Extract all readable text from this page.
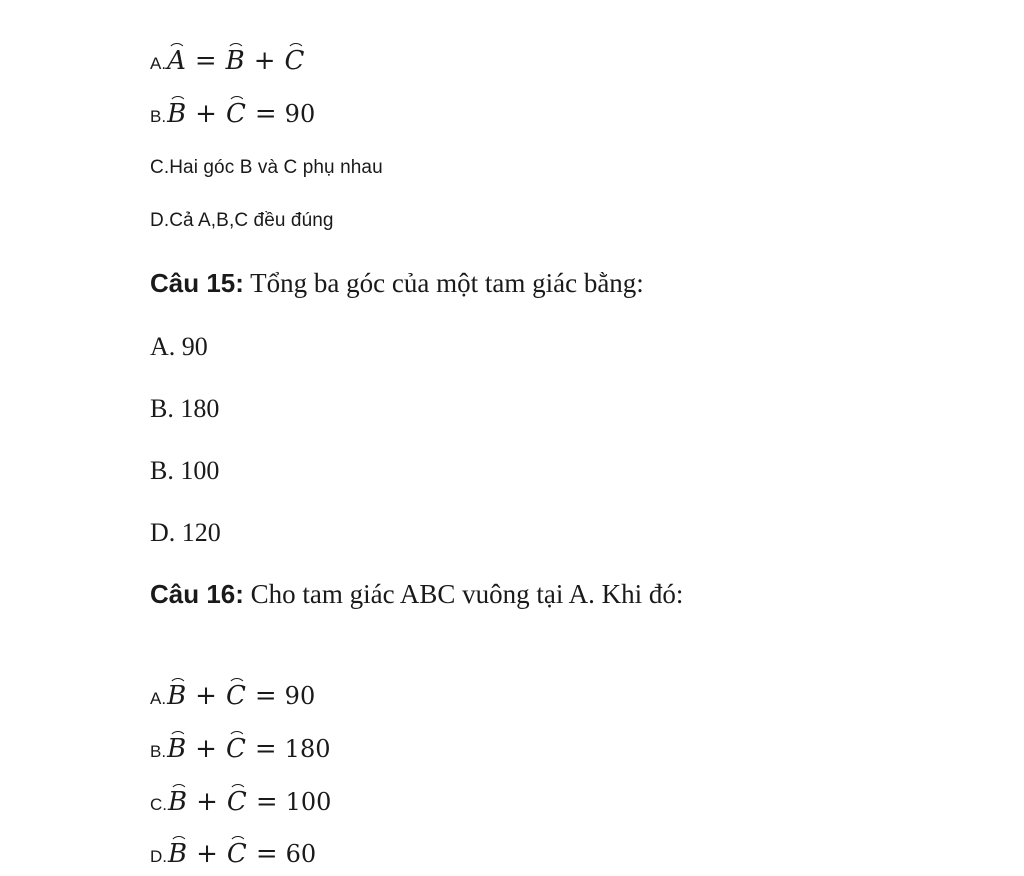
A.A = B + C
B.B + C = 90
C.Hai góc B và C phụ nhau
D.Cả A,B,C đều đúng
Câu 15: Tổng ba góc của một tam giác bằng:
A. 90
B. 180
B. 100
D. 120
Câu 16: Cho tam giác ABC vuông tại A. Khi đó:
A.B + C = 90
B.B + C = 180
C.B + C = 100
D.B + C = 60
